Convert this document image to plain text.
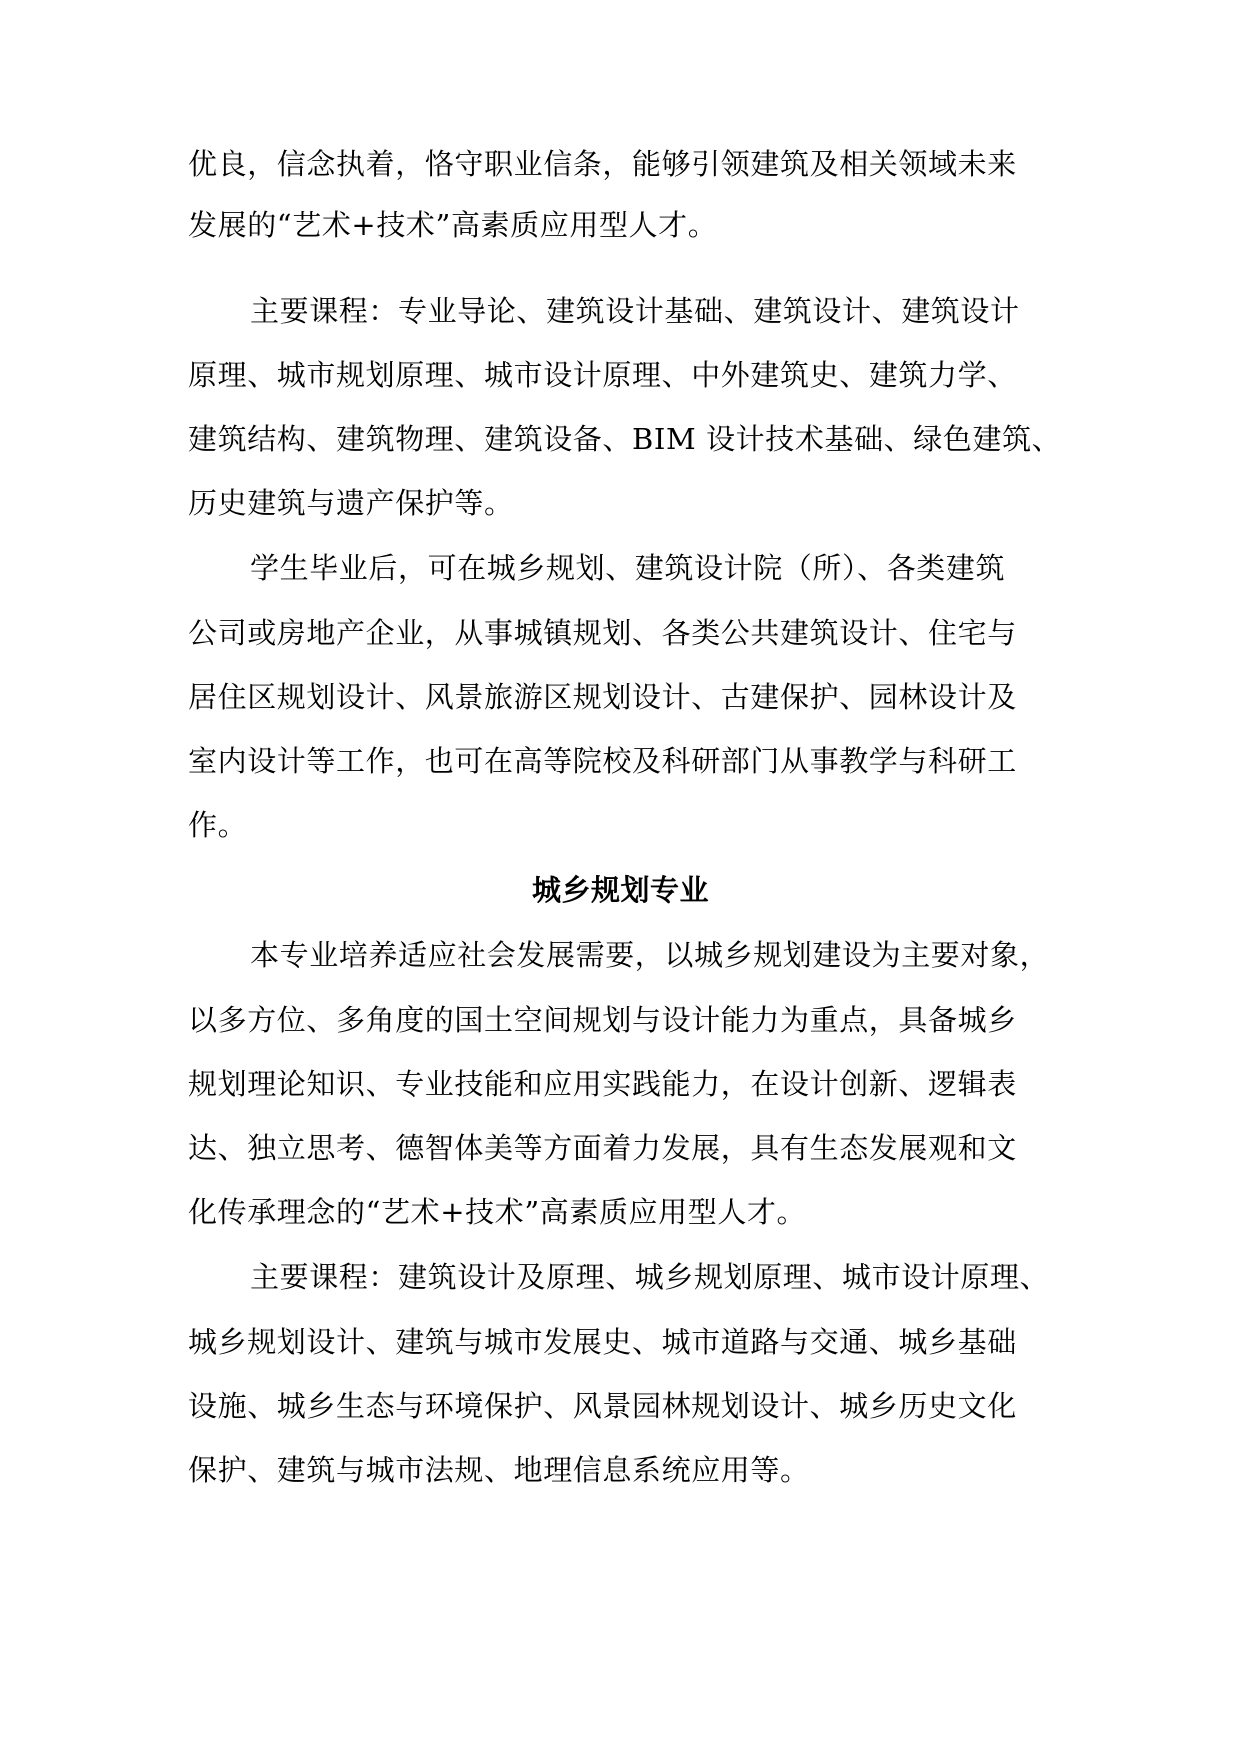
优良，信念执着，恪守职业信条，能够引领建筑及相关领域未来

发展的“艺术+技术”高素质应用型人才。

主要课程：专业导论、建筑设计基础、建筑设计、建筑设计

原理、城市规划原理、城市设计原理、中外建筑史、建筑力学、

建筑结构、建筑物理、建筑设备、BIM 设计技术基础、绿色建筑、

历史建筑与遗产保护等。

学生毕业后，可在城乡规划、建筑设计院（所）、各类建筑

公司或房地产企业，从事城镇规划、各类公共建筑设计、住宅与

居住区规划设计、风景旅游区规划设计、古建保护、园林设计及

室内设计等工作，也可在高等院校及科研部门从事教学与科研工

作。

城乡规划专业

本专业培养适应社会发展需要，以城乡规划建设为主要对象，

以多方位、多角度的国土空间规划与设计能力为重点，具备城乡

规划理论知识、专业技能和应用实践能力，在设计创新、逻辑表

达、独立思考、德智体美等方面着力发展，具有生态发展观和文

化传承理念的“艺术+技术”高素质应用型人才。

主要课程：建筑设计及原理、城乡规划原理、城市设计原理、

城乡规划设计、建筑与城市发展史、城市道路与交通、城乡基础

设施、城乡生态与环境保护、风景园林规划设计、城乡历史文化

保护、建筑与城市法规、地理信息系统应用等。
